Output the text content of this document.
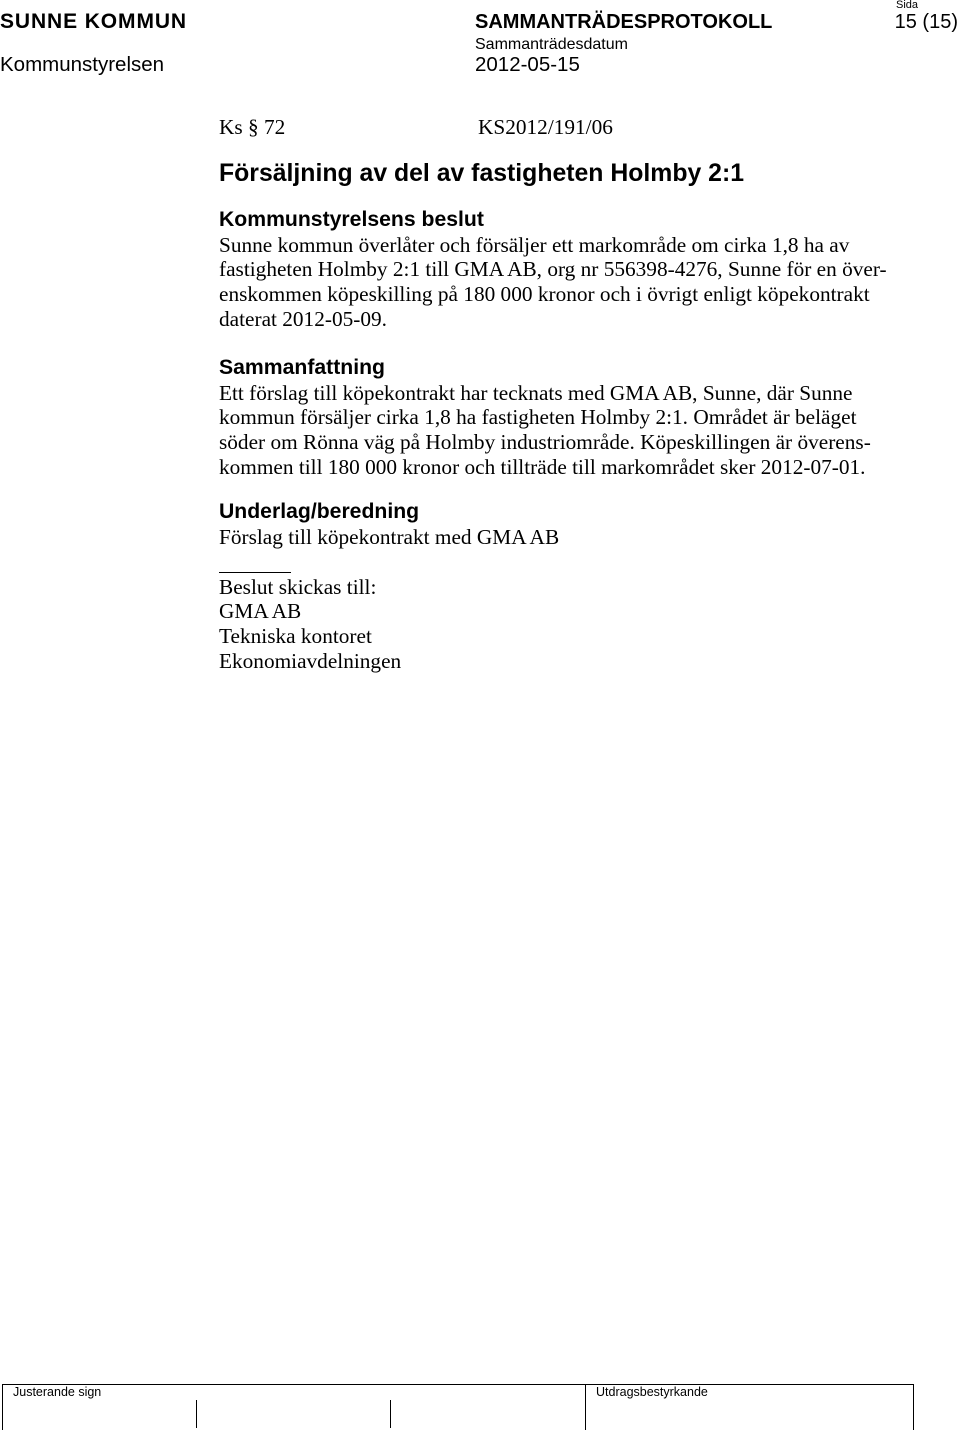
Sida
SUNNE KOMMUN	SAMMANTRÄDESPROTOKOLL	15 (15)
Sammanträdesdatum
Kommunstyrelsen	2012-05-15
Ks § 72	KS2012/191/06
Försäljning av del av fastigheten Holmby 2:1
Kommunstyrelsens beslut
Sunne kommun överlåter och försäljer ett markområde om cirka 1,8 ha av
fastigheten Holmby 2:1 till GMA AB, org nr 556398-4276, Sunne för en över-
enskommen köpeskilling på 180 000 kronor och i övrigt enligt köpekontrakt
daterat 2012-05-09.
Sammanfattning
Ett förslag till köpekontrakt har tecknats med GMA AB, Sunne, där Sunne
kommun försäljer cirka 1,8 ha fastigheten Holmby 2:1. Området är beläget
söder om Rönna väg på Holmby industriområde. Köpeskillingen är överens-
kommen till 180 000 kronor och tillträde till markområdet sker 2012-07-01.
Underlag/beredning
Förslag till köpekontrakt med GMA AB
Beslut skickas till:
GMA AB
Tekniska kontoret
Ekonomiavdelningen
Justerande sign	Utdragsbestyrkande
